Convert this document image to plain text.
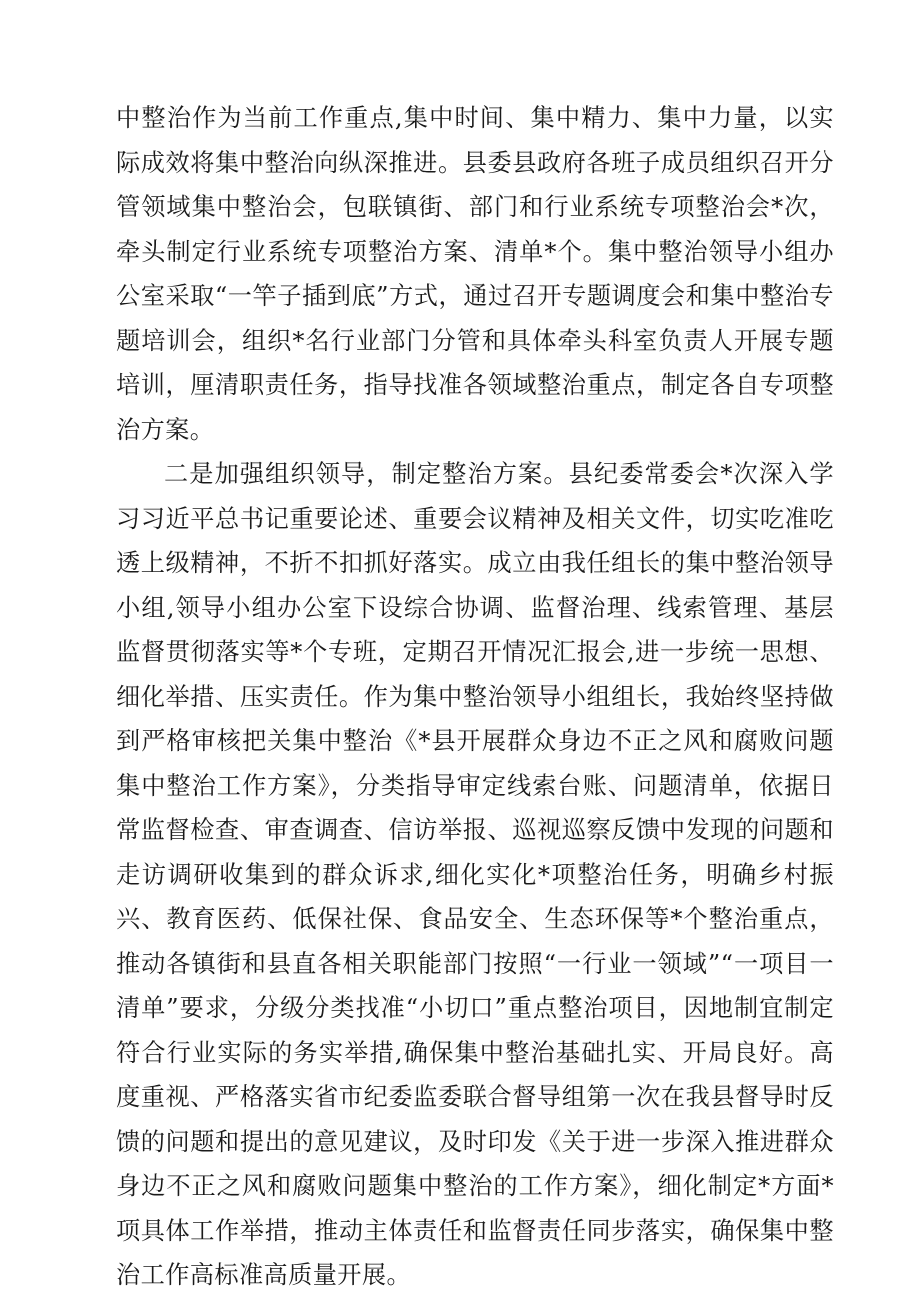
中整治作为当前工作重点,集中时间、集中精力、集中力量，以实际成效将集中整治向纵深推进。县委县政府各班子成员组织召开分管领域集中整治会，包联镇街、部门和行业系统专项整治会*次，牵头制定行业系统专项整治方案、清单*个。集中整治领导小组办公室采取“一竿子插到底”方式，通过召开专题调度会和集中整治专题培训会，组织*名行业部门分管和具体牵头科室负责人开展专题培训，厘清职责任务，指导找准各领域整治重点，制定各自专项整治方案。

二是加强组织领导，制定整治方案。县纪委常委会*次深入学习习近平总书记重要论述、重要会议精神及相关文件，切实吃准吃透上级精神，不折不扣抓好落实。成立由我任组长的集中整治领导小组,领导小组办公室下设综合协调、监督治理、线索管理、基层监督贯彻落实等*个专班，定期召开情况汇报会,进一步统一思想、细化举措、压实责任。作为集中整治领导小组组长，我始终坚持做到严格审核把关集中整治《*县开展群众身边不正之风和腐败问题集中整治工作方案》，分类指导审定线索台账、问题清单，依据日常监督检查、审查调查、信访举报、巡视巡察反馈中发现的问题和走访调研收集到的群众诉求,细化实化*项整治任务，明确乡村振兴、教育医药、低保社保、食品安全、生态环保等*个整治重点，推动各镇街和县直各相关职能部门按照“一行业一领域”“一项目一清单”要求，分级分类找准“小切口”重点整治项目，因地制宜制定符合行业实际的务实举措,确保集中整治基础扎实、开局良好。高度重视、严格落实省市纪委监委联合督导组第一次在我县督导时反馈的问题和提出的意见建议，及时印发《关于进一步深入推进群众身边不正之风和腐败问题集中整治的工作方案》，细化制定*方面*项具体工作举措，推动主体责任和监督责任同步落实，确保集中整治工作高标准高质量开展。
